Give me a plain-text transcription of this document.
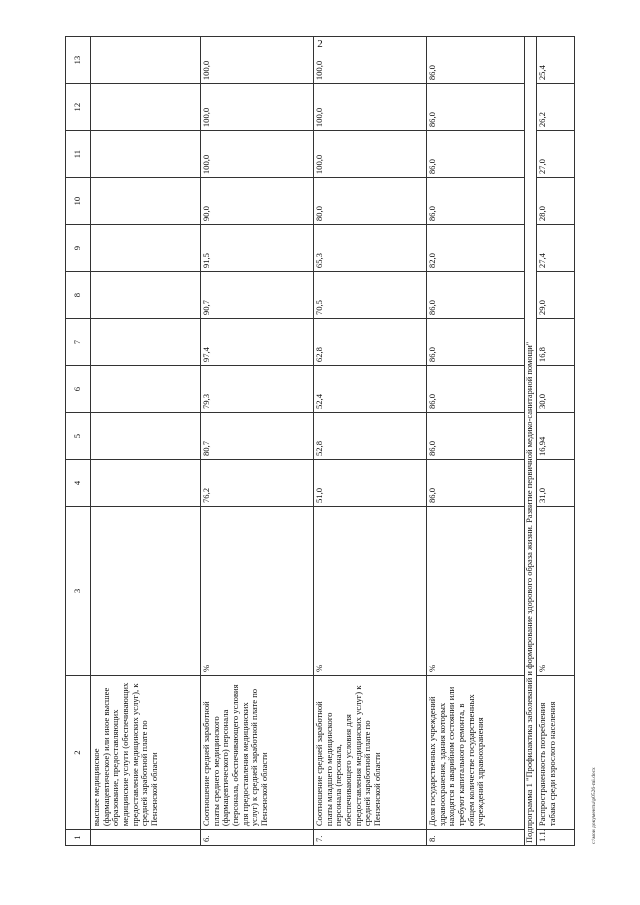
2
1	2	3	4	5	6	7	8	9	10	11	12	13
	высшее медицинское (фармацевтическое) или иное высшее образование, предоставляющих медицинские услуги (обеспечивающих предоставление медицинских услуг), к средней заработной плате по Пензенской области											
6.	Соотношение средней заработной платы среднего медицинского (фармацевтического) персонала (персонала, обеспечивающего условия для предоставления медицинских услуг) к средней заработной плате по Пензенской области	%	76,2	80,7	79,3	97,4	90,7	91,5	90,0	100,0	100,0	100,0
7.	Соотношение средней заработной платы младшего медицинского персонала (персонала, обеспечивающего условия для предоставления медицинских услуг) к средней заработной плате по Пензенской области	%	51,0	52,8	52,4	62,8	70,5	65,3	80,0	100,0	100,0	100,0
8.	Доля государственных учреждений здравоохранения, здания которых находятся в аварийном состоянии или требуют капитального ремонта, в общем количестве государственных учреждений здравоохранения	%	86,0	86,0	86,0	86,0	86,0	82,0	86,0	86,0	86,0	86,0
Подпрограмма 1 "Профилактика заболеваний и формирование здорового образа жизни. Развитие первичной медико-санитарной помощи"												
1.1.	Распространенность потребления табака среди взрослого населения	%	31,0	16,94	30,0	16,8	29,0	27,4	28,0	27,0	26,2	25,4
c:\мои документы\p0526-mi.docx
